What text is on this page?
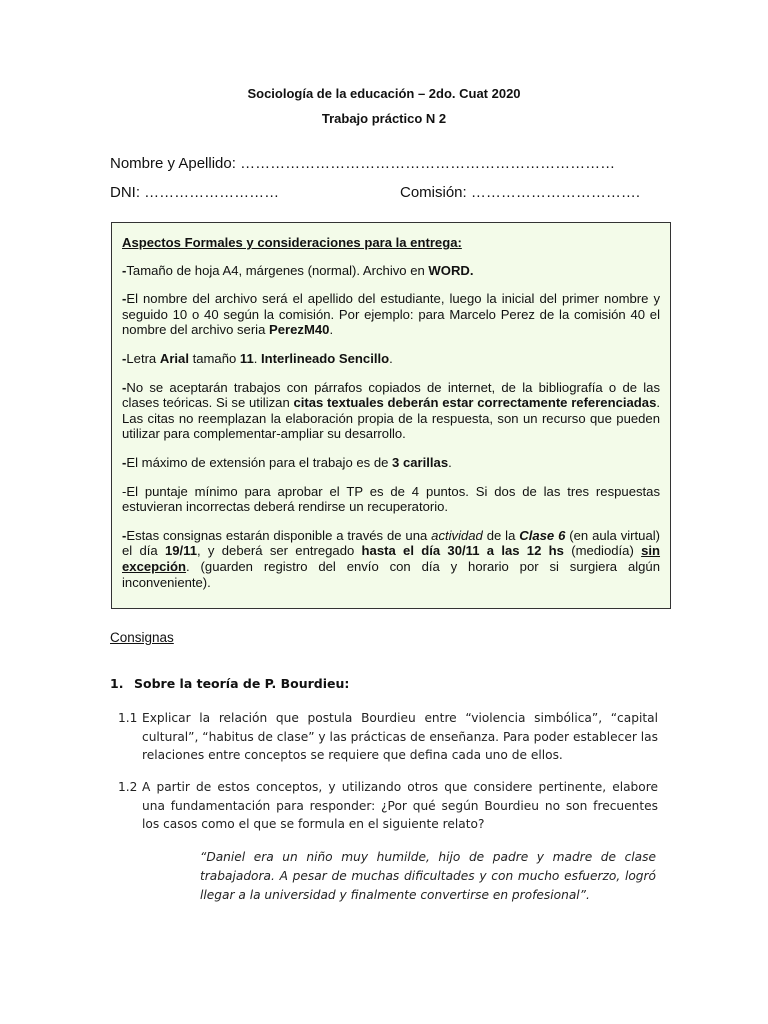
Sociología de la educación – 2do. Cuat 2020
Trabajo práctico N 2
Nombre y Apellido: …………………………………………………………………
DNI: ………………………	Comisión: …………………………….

Aspectos Formales y consideraciones para la entrega:

-Tamaño de hoja A4, márgenes (normal). Archivo en WORD.

-El nombre del archivo será el apellido del estudiante, luego la inicial del primer nombre y seguido 10 o 40 según la comisión. Por ejemplo: para Marcelo Perez de la comisión 40 el nombre del archivo seria PerezM40.

-Letra Arial tamaño 11. Interlineado Sencillo.

-No se aceptarán trabajos con párrafos copiados de internet, de la bibliografía o de las clases teóricas. Si se utilizan citas textuales deberán estar correctamente referenciadas. Las citas no reemplazan la elaboración propia de la respuesta, son un recurso que pueden utilizar para complementar-ampliar su desarrollo.

-El máximo de extensión para el trabajo es de 3 carillas.

-El puntaje mínimo para aprobar el TP es de 4 puntos. Si dos de las tres respuestas estuvieran incorrectas deberá rendirse un recuperatorio.

-Estas consignas estarán disponible a través de una actividad de la Clase 6 (en aula virtual) el día 19/11, y deberá ser entregado hasta el día 30/11 a las 12 hs (mediodía) sin excepción. (guarden registro del envío con día y horario por si surgiera algún inconveniente).

Consignas
1. Sobre la teoría de P. Bourdieu:
1.1 Explicar la relación que postula Bourdieu entre “violencia simbólica”, “capital cultural”, “habitus de clase” y las prácticas de enseñanza. Para poder establecer las relaciones entre conceptos se requiere que defina cada uno de ellos.
1.2 A partir de estos conceptos, y utilizando otros que considere pertinente, elabore una fundamentación para responder: ¿Por qué según Bourdieu no son frecuentes los casos como el que se formula en el siguiente relato?
“Daniel era un niño muy humilde, hijo de padre y madre de clase trabajadora. A pesar de muchas dificultades y con mucho esfuerzo, logró llegar a la universidad y finalmente convertirse en profesional”.
